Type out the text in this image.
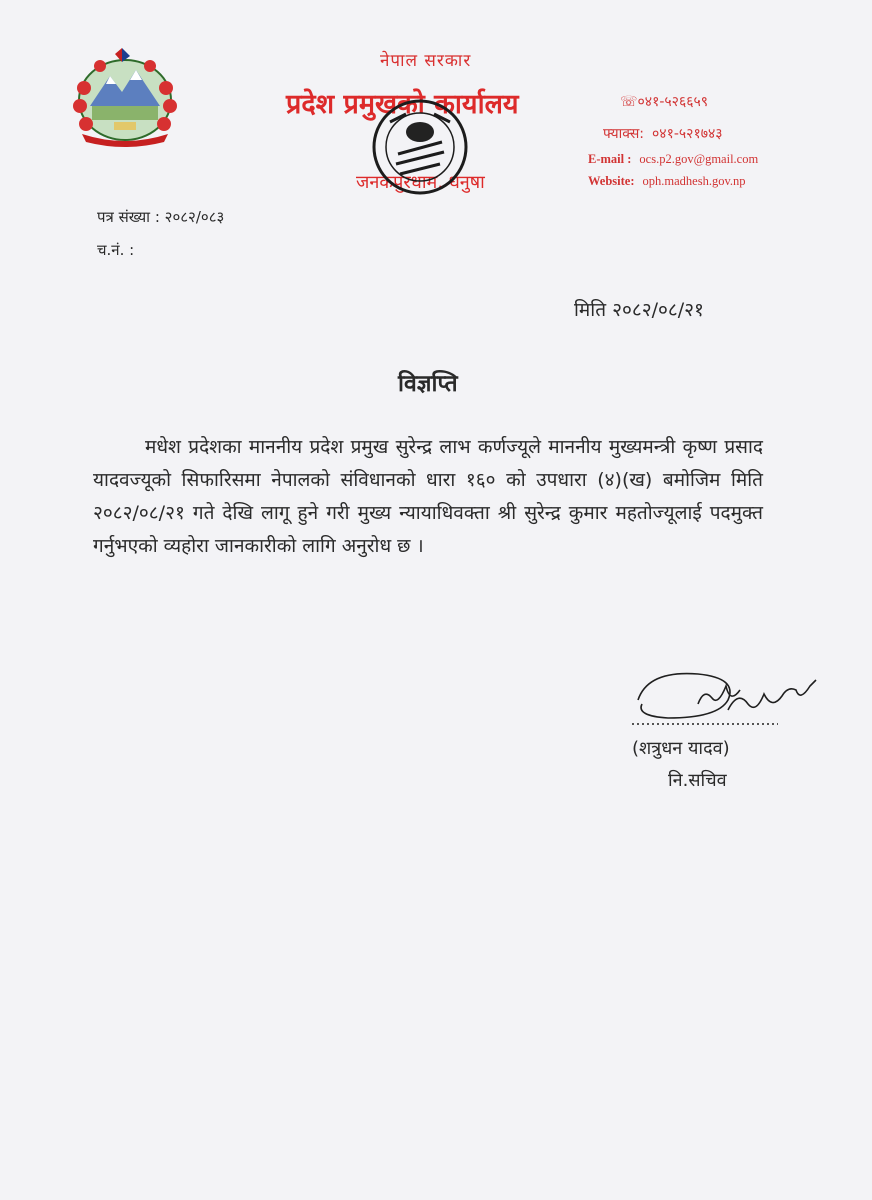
नेपाल सरकार
प्रदेश प्रमुखको कार्यालय
जनकपुरधाम, धनुषा
☏०४१-५२६६५९
फ्याक्स: ०४१-५२१७४३
E-mail : ocs.p2.gov@gmail.com
Website: oph.madhesh.gov.np
पत्र संख्या : २०८२/०८३
च.नं. :
मिति २०८२/०८/२१
विज्ञप्ति

मधेश प्रदेशका माननीय प्रदेश प्रमुख सुरेन्द्र लाभ कर्णज्यूले माननीय मुख्यमन्त्री कृष्ण प्रसाद यादवज्यूको सिफारिसमा नेपालको संविधानको धारा १६० को उपधारा (४)(ख) बमोजिम मिति २०८२/०८/२१ गते देखि लागू हुने गरी मुख्य न्यायाधिवक्ता श्री सुरेन्द्र कुमार महतोज्यूलाई पदमुक्त गर्नुभएको व्यहोरा जानकारीको लागि अनुरोध छ ।

(शत्रुधन यादव)
नि.सचिव
